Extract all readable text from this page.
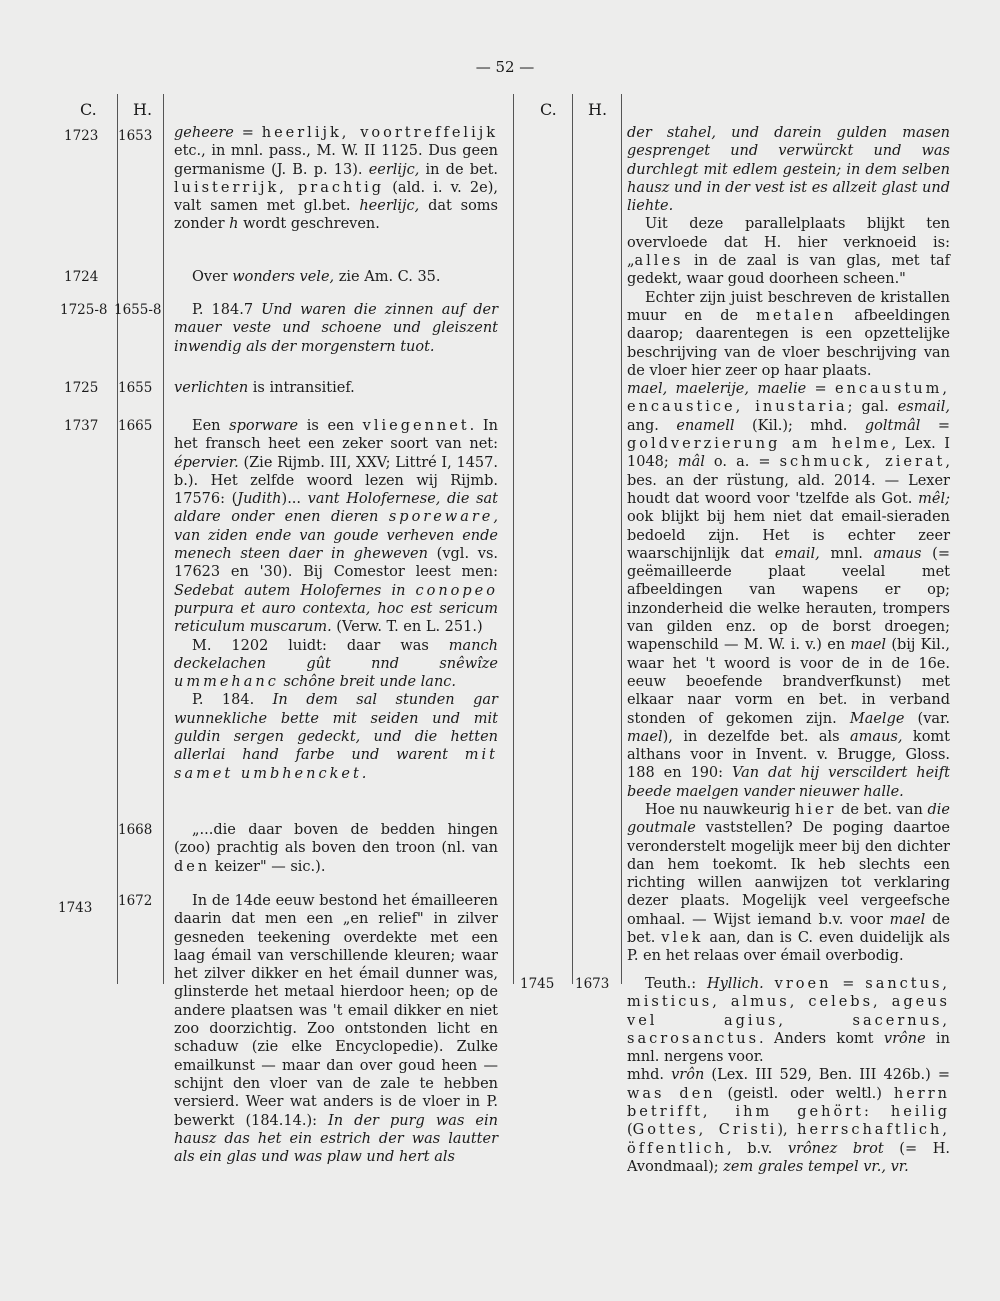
— 52 —
C. H.	C. H.
1723 1653
1724
1725-8 1655-8
1725 1655
1737 1665
1668
1743 1672
1745 1673

geheere = heerlijk, voortreffelijk etc., in mnl. pass., M. W. II 1125. Dus geen germanisme (J. B. p. 13). eerlijc, in de bet. luisterrijk, prachtig (ald. i. v. 2e), valt samen met gl.bet. heerlijc, dat soms zonder h wordt geschreven.

Over wonders vele, zie Am. C. 35.

P. 184.7 Und waren die zinnen auf der mauer veste und schoene und gleiszent inwendig als der morgenstern tuot.

verlichten is intransitief.

Een sporware is een vliegennet. In het fransch heet een zeker soort van net: épervier. (Zie Rijmb. III, XXV; Littré I, 1457. b.). Het zelfde woord lezen wij Rijmb. 17576: (Judith)... vant Holofernese, die sat aldare onder enen dieren sporeware, van ziden ende van goude verheven ende menech steen daer in gheweven (vgl. vs. 17623 en '30). Bij Comestor leest men: Sedebat autem Holofernes in conopeo purpura et auro contexta, hoc est sericum reticulum muscarum. (Verw. T. en L. 251.)

M. 1202 luidt: daar was manch deckelachen gût nnd snêwîze ummehanc schône breit unde lanc.

P. 184. In dem sal stunden gar wunnekliche bette mit seiden und mit guldin sergen gedeckt, und die hetten allerlai hand farbe und warent mit samet umbhencket.

„...die daar boven de bedden hingen (zoo) prachtig als boven den troon (nl. van den keizer" — sic.).

In de 14de eeuw bestond het émailleeren daarin dat men een „en relief" in zilver gesneden teekening overdekte met een laag émail van verschillende kleuren; waar het zilver dikker en het émail dunner was, glinsterde het metaal hierdoor heen; op de andere plaatsen was 't email dikker en niet zoo doorzichtig. Zoo ontstonden licht en schaduw (zie elke Encyclopedie). Zulke emailkunst — maar dan over goud heen — schijnt den vloer van de zale te hebben versierd. Weer wat anders is de vloer in P. bewerkt (184.14.): In der purg was ein hausz das het ein estrich der was lautter als ein glas und was plaw und hert als

der stahel, und darein gulden masen gesprenget und verwürckt und was durchlegt mit edlem gestein; in dem selben hausz und in der vest ist es allzeit glast und liehte.

Uit deze parallelplaats blijkt ten overvloede dat H. hier verknoeid is: „alles in de zaal is van glas, met taf gedekt, waar goud doorheen scheen."

Echter zijn juist beschreven de kristallen muur en de metalen afbeeldingen daarop; daarentegen is een opzettelijke beschrijving van de vloer beschrijving van de vloer hier zeer op haar plaats.

mael, maelerije, maelie = encaustum, encaustice, inustaria; gal. esmail, ang. enamell (Kil.); mhd. goltmâl = goldverzierung am helme, Lex. I 1048; mâl o. a. = schmuck, zierat, bes. an der rüstung, ald. 2014. — Lexer houdt dat woord voor 'tzelfde als Got. mêl; ook blijkt bij hem niet dat email-sieraden bedoeld zijn. Het is echter zeer waarschijnlijk dat email, mnl. amaus (= geëmailleerde plaat veelal met afbeeldingen van wapens er op; inzonderheid die welke herauten, trompers van gilden enz. op de borst droegen; wapenschild — M. W. i. v.) en mael (bij Kil., waar het 't woord is voor de in de 16e. eeuw beoefende brandverfkunst) met elkaar naar vorm en bet. in verband stonden of gekomen zijn. Maelge (var. mael), in dezelfde bet. als amaus, komt althans voor in Invent. v. Brugge, Gloss. 188 en 190: Van dat hij verscildert heift beede maelgen vander nieuwer halle.

Hoe nu nauwkeurig hier de bet. van die goutmale vaststellen? De poging daartoe veronderstelt mogelijk meer bij den dichter dan hem toekomt. Ik heb slechts een richting willen aanwijzen tot verklaring dezer plaats. Mogelijk veel vergeefsche omhaal. — Wijst iemand b.v. voor mael de bet. vlek aan, dan is C. even duidelijk als P. en het relaas over émail overbodig.

Teuth.: Hyllich. vroen = sanctus, misticus, almus, celebs, ageus vel agius, sacernus, sacrosanctus. Anders komt vrône in mnl. nergens voor.

mhd. vrôn (Lex. III 529, Ben. III 426b.) = was den (geistl. oder weltl.) herrn betrifft, ihm gehört: heilig (Gottes, Cristi), herrschaftlich, öffentlich, b.v. vrônez brot (= H. Avondmaal); zem grales tempel vr., vr.
